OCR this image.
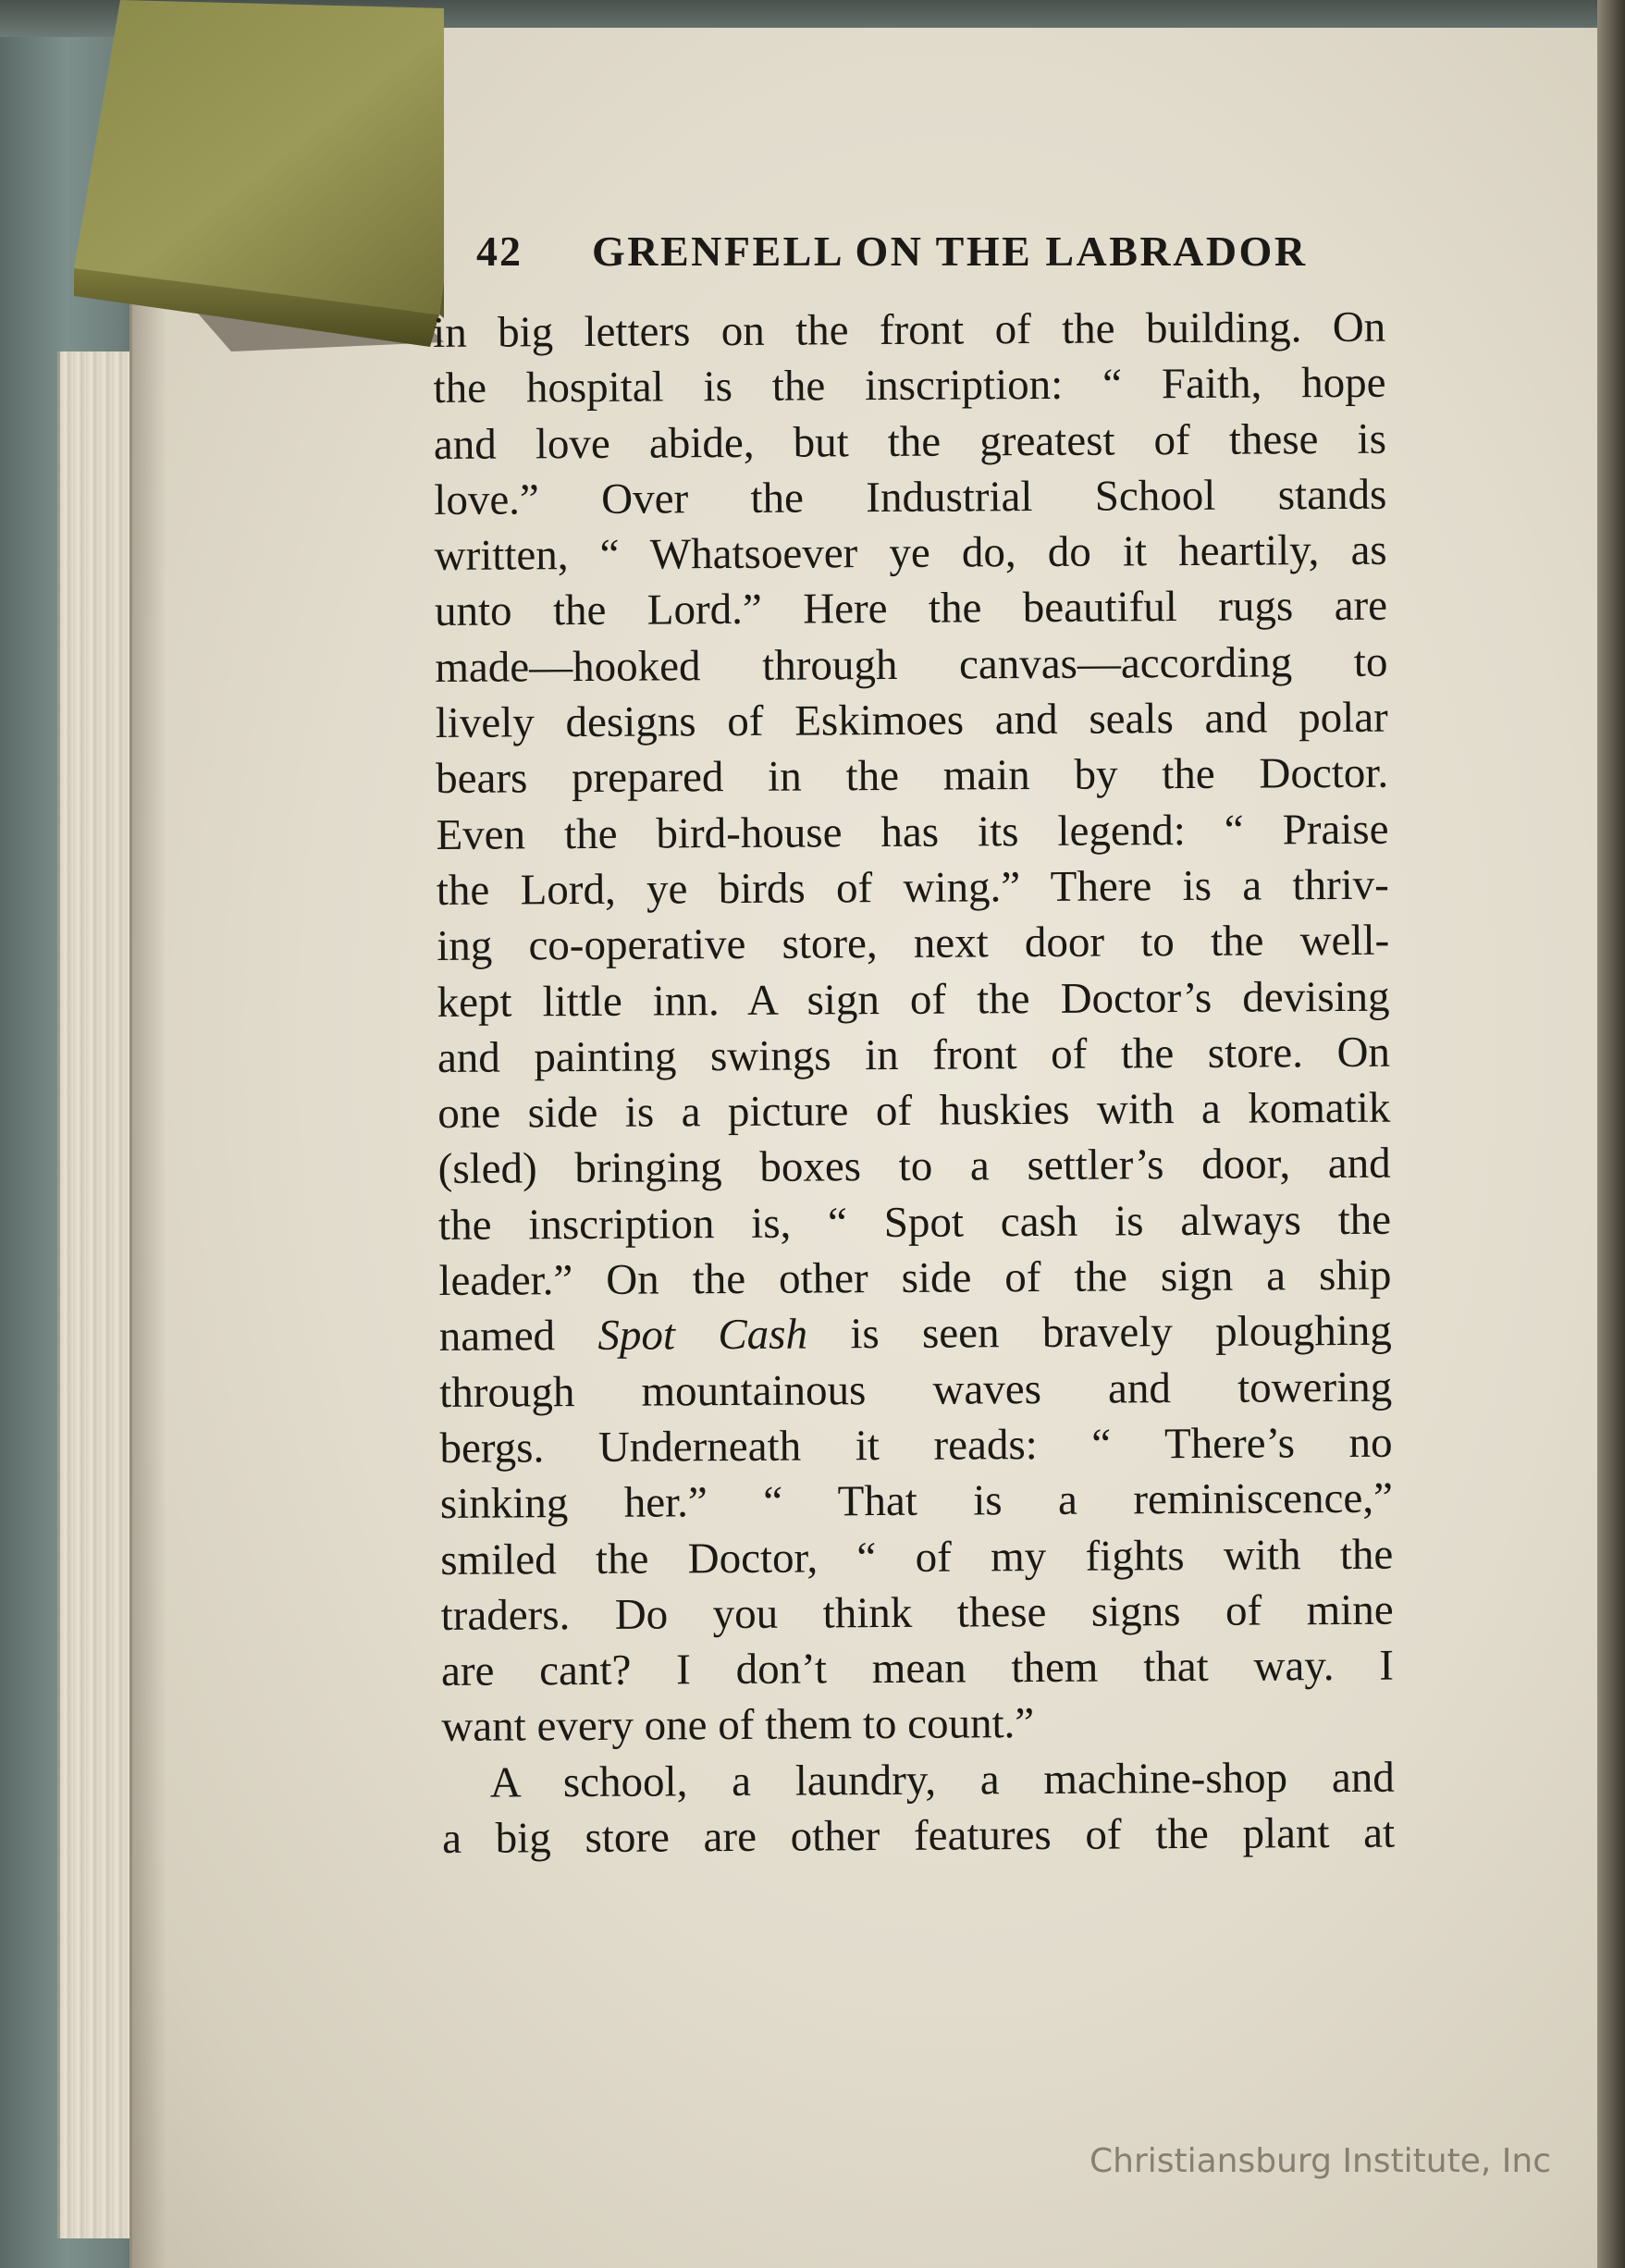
42 GRENFELL ON THE LABRADOR
in big letters on the front of the building. On
the hospital is the inscription: “ Faith, hope
and love abide, but the greatest of these is
love.” Over the Industrial School stands
written, “ Whatsoever ye do, do it heartily, as
unto the Lord.” Here the beautiful rugs are
made—hooked through canvas—according to
lively designs of Eskimoes and seals and polar
bears prepared in the main by the Doctor.
Even the bird-house has its legend: “ Praise
the Lord, ye birds of wing.” There is a thriv-
ing co-operative store, next door to the well-
kept little inn. A sign of the Doctor’s devising
and painting swings in front of the store. On
one side is a picture of huskies with a komatik
(sled) bringing boxes to a settler’s door, and
the inscription is, “ Spot cash is always the
leader.” On the other side of the sign a ship
named Spot Cash is seen bravely ploughing
through mountainous waves and towering
bergs. Underneath it reads: “ There’s no
sinking her.” “ That is a reminiscence,”
smiled the Doctor, “ of my fights with the
traders. Do you think these signs of mine
are cant? I don’t mean them that way. I
want every one of them to count.”
A school, a laundry, a machine-shop and
a big store are other features of the plant at
Christiansburg Institute, Inc
